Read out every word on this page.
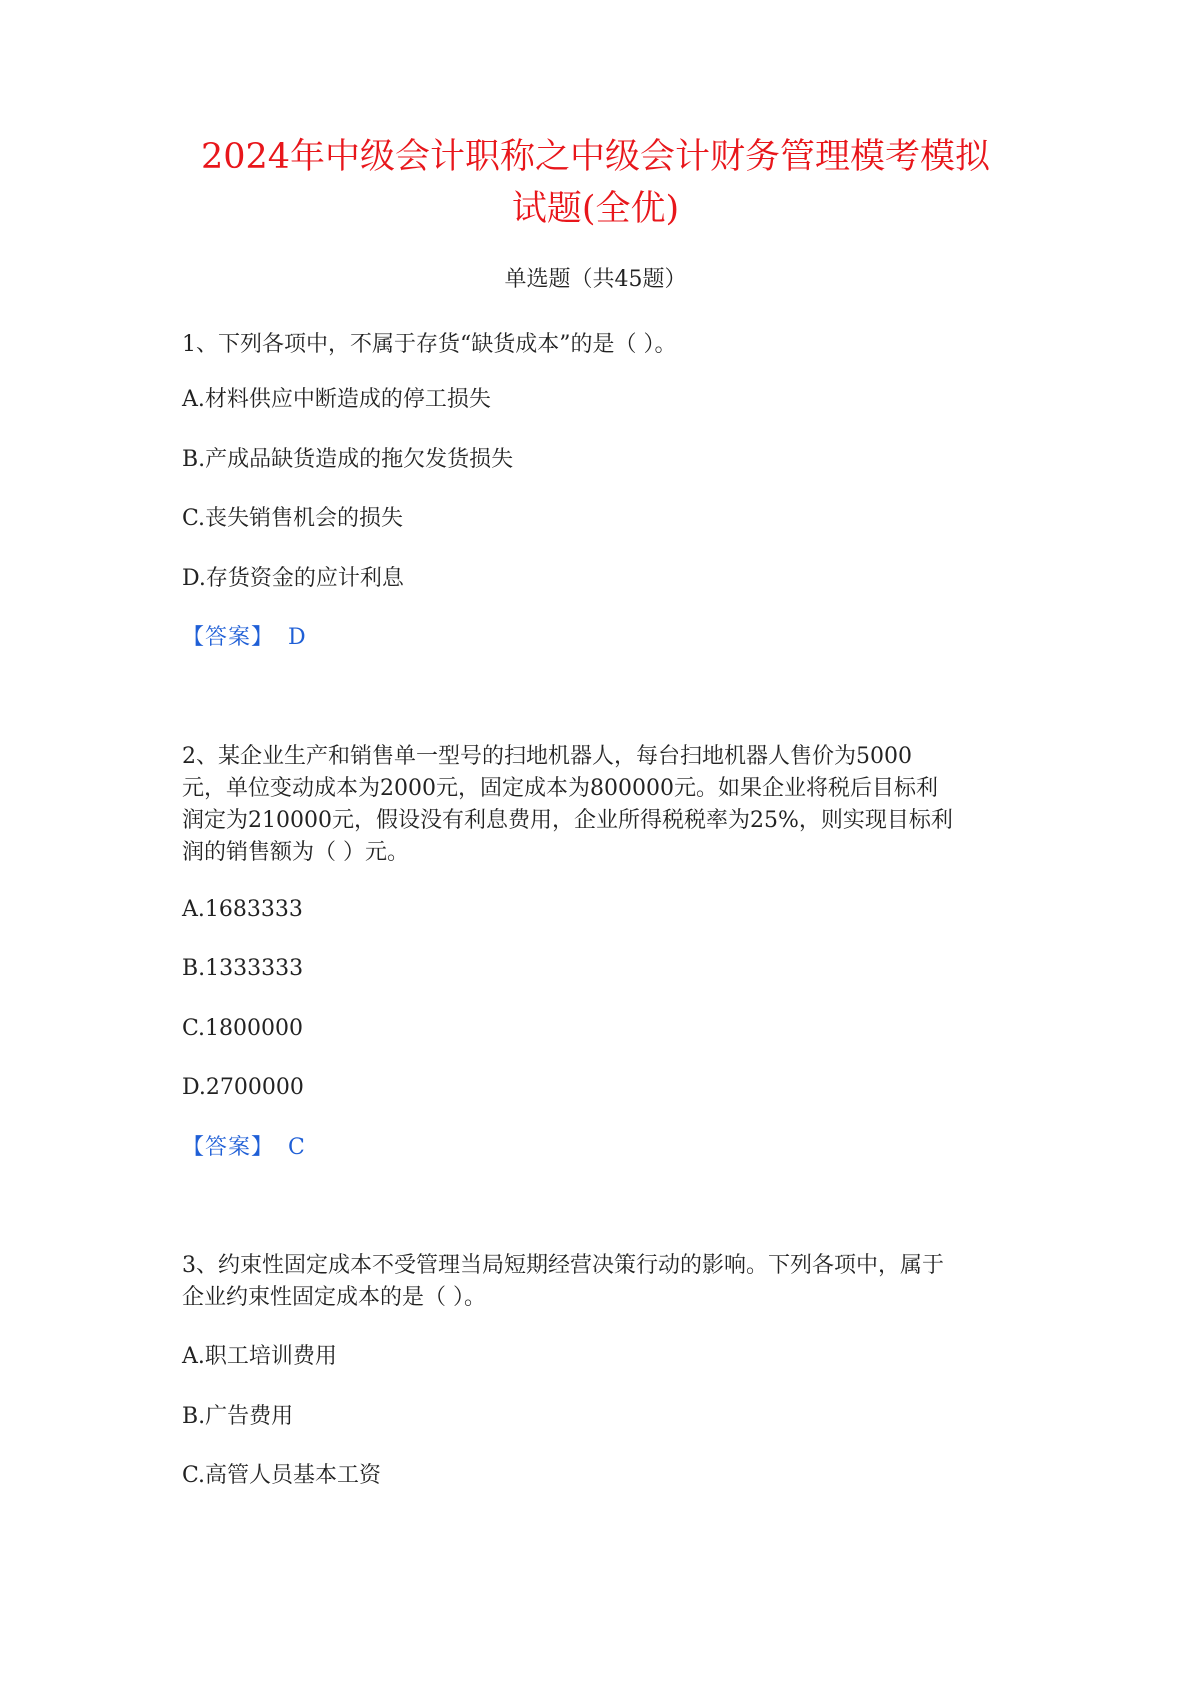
2024年中级会计职称之中级会计财务管理模考模拟
试题(全优)

单选题（共45题）

1、下列各项中，不属于存货“缺货成本”的是（ ）。

A.材料供应中断造成的停工损失

B.产成品缺货造成的拖欠发货损失

C.丧失销售机会的损失

D.存货资金的应计利息

【答案】 D

2、某企业生产和销售单一型号的扫地机器人，每台扫地机器人售价为5000

元，单位变动成本为2000元，固定成本为800000元。如果企业将税后目标利

润定为210000元，假设没有利息费用，企业所得税税率为25%，则实现目标利

润的销售额为（ ）元。

A.1683333

B.1333333

C.1800000

D.2700000

【答案】 C

3、约束性固定成本不受管理当局短期经营决策行动的影响。下列各项中，属于

企业约束性固定成本的是（ ）。

A.职工培训费用

B.广告费用

C.高管人员基本工资
